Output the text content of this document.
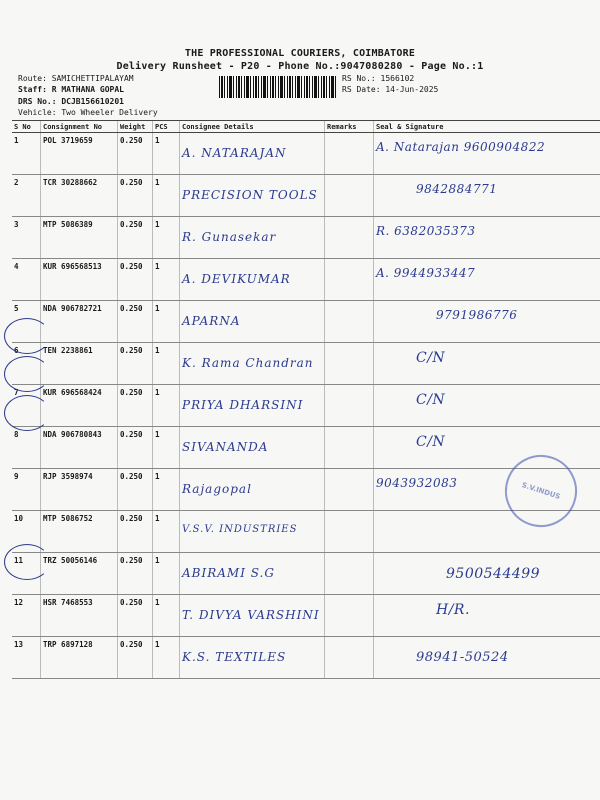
THE PROFESSIONAL COURIERS, COIMBATORE
Delivery Runsheet - P20 - Phone No.:9047080280 - Page No.:1
Route: SAMICHETTIPALAYAM
Staff: R MATHANA GOPAL
DRS No.: DCJB156610201
Vehicle: Two Wheeler Delivery
RS No.: 1566102
RS Date: 14-Jun-2025
S No	Consignment No	Weight	PCS	Consignee Details	Remarks	Seal & Signature
1	POL 3719659	0.250	1	A. NATARAJAN		A. Natarajan 9600904822
2	TCR 30288662	0.250	1	PRECISION TOOLS		9842884771
3	MTP 5086389	0.250	1	R. Gunasekar		R. 6382035373
4	KUR 696568513	0.250	1	A. DEVIKUMAR		A. 9944933447
5	NDA 906782721	0.250	1	APARNA		9791986776
6	TEN 2238861	0.250	1	K. Rama Chandran		C/N
7	KUR 696568424	0.250	1	PRIYA DHARSINI		C/N
8	NDA 906780843	0.250	1	SIVANANDA		C/N
9	RJP 3598974	0.250	1	Rajagopal		9043932083
10	MTP 5086752	0.250	1	V.S.V. INDUSTRIES		
11	TRZ 50056146	0.250	1	ABIRAMI S.G		9500544499
12	HSR 7468553	0.250	1	T. DIVYA VARSHINI		H/R.
13	TRP 6897128	0.250	1	K.S. TEXTILES		98941-50524
S.V.INDUS
